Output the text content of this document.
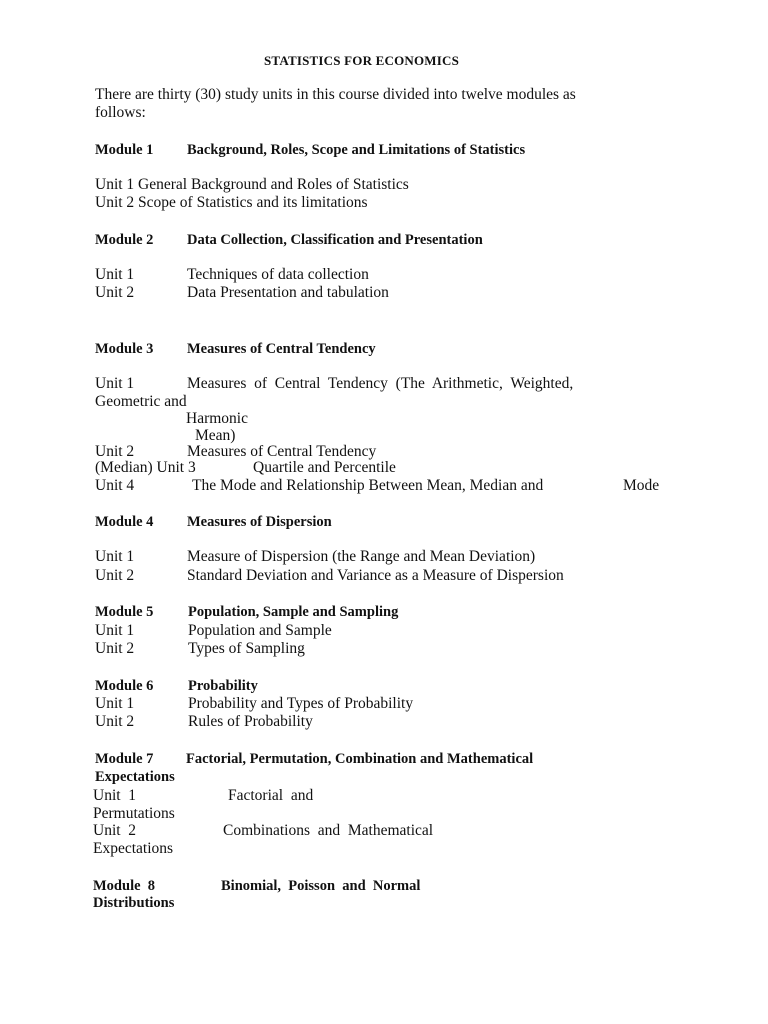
STATISTICS FOR ECONOMICS
There are thirty (30) study units in this course divided into twelve modules as
follows:
Module 1 Background, Roles, Scope and Limitations of Statistics
Unit 1 General Background and Roles of Statistics
Unit 2 Scope of Statistics and its limitations
Module 2 Data Collection, Classification and Presentation
Unit 1	Techniques of data collection
Unit 2	Data Presentation and tabulation
Module 3 Measures of Central Tendency
Unit 1	Measures  of  Central  Tendency  (The  Arithmetic,  Weighted,
Geometric and
Harmonic
Mean)
Unit 2	Measures of Central Tendency
(Median) Unit 3	Quartile and Percentile
Unit 4	The Mode and Relationship Between Mean, Median and	Mode
Module 4 Measures of Dispersion
Unit 1	Measure of Dispersion (the Range and Mean Deviation)
Unit 2	Standard Deviation and Variance as a Measure of Dispersion
Module 5 Population, Sample and Sampling
Unit 1	Population and Sample
Unit 2	Types of Sampling
Module 6 Probability
Unit 1	Probability and Types of Probability
Unit 2	Rules of Probability
Module 7 Factorial, Permutation, Combination and Mathematical
Expectations
Unit  1	Factorial  and
Permutations
Unit  2	Combinations  and  Mathematical
Expectations
Module  8	Binomial,  Poisson  and  Normal
Distributions
